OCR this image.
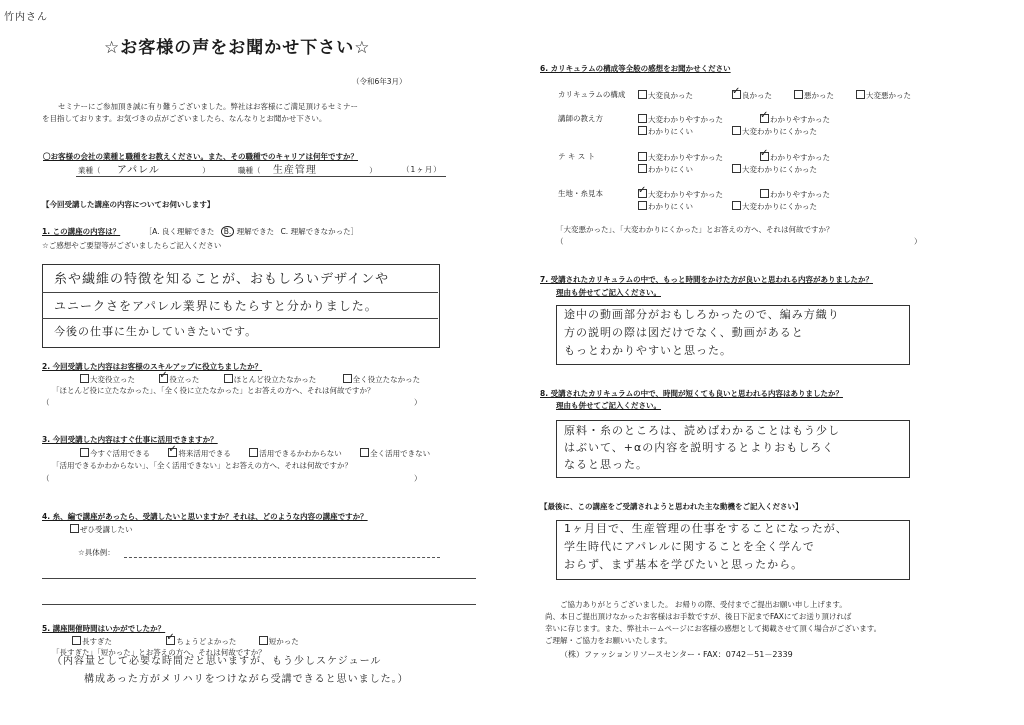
竹内さん
☆お客様の声をお聞かせ下さい☆
（令和6年3月）
セミナーにご参加頂き誠に有り難うございました。弊社はお客様にご満足頂けるセミナー
を目指しております。お気づきの点がございましたら、なんなりとお聞かせ下さい。
〇お客様の会社の業種と職種をお教えください。また、その職種でのキャリアは何年ですか？
業種（ アパレル	）	職種（ 生産管理	）	（1ヶ月）
【今回受講した講座の内容についてお伺いします】
1. この講座の内容は？	［A. 良く理解できた B. 理解できた C. 理解できなかった］
☆ご感想やご要望等がございましたらご記入ください
糸や繊維の特徴を知ることが、おもしろいデザインや
ユニークさをアパレル業界にもたらすと分かりました。
今後の仕事に生かしていきたいです。
2. 今回受講した内容はお客様のスキルアップに役立ちましたか？
大変役立った ✓	役立った	ほとんど役立たなかった	全く役立たなかった
「ほとんど役に立たなかった」、「全く役に立たなかった」とお答えの方へ、それは何故ですか？
（	）
3. 今回受講した内容はすぐ仕事に活用できますか？
今すぐ活用できる ✓	将来活用できる	活用できるかわからない	全く活用できない
「活用できるかわからない」、「全く活用できない」とお答えの方へ、それは何故ですか？
（	）
4. 糸、編で講座があったら、受講したいと思いますか？それは、どのような内容の講座ですか？
ぜひ受講したい
☆具体例：
5. 講座開催時間はいかがでしたか？
長すぎた ✓	ちょうどよかった	短かった
「長すぎた」「短かった」とお答えの方へ、それは何故ですか？
（内容量として必要な時間だと思いますが、もう少しスケジュール
構成あった方がメリハリをつけながら受講できると思いました。）
6. カリキュラムの構成等全般の感想をお聞かせください
カリキュラムの構成	大変良かった ✓	良かった	悪かった	大変悪かった
講師の教え方	大変わかりやすかった ✓	わかりやすかった
わかりにくい	大変わかりにくかった
テ キ ス ト	大変わかりやすかった ✓	わかりやすかった
わかりにくい	大変わかりにくかった
生地・糸見本 ✓	大変わかりやすかった	わかりやすかった
わかりにくい	大変わかりにくかった
「大変悪かった」、「大変わかりにくかった」とお答えの方へ、それは何故ですか？
（	）
7. 受講されたカリキュラムの中で、もっと時間をかけた方が良いと思われる内容がありましたか？
理由も併せてご記入ください。
途中の動画部分がおもしろかったので、編み方織り
方の説明の際は図だけでなく、動画があると
もっとわかりやすいと思った。
8. 受講されたカリキュラムの中で、時間が短くても良いと思われる内容はありましたか？
理由も併せてご記入ください。
原料・糸のところは、読めばわかることはもう少し
はぶいて、+αの内容を説明するとよりおもしろく
なると思った。
【最後に、この講座をご受講されようと思われた主な動機をご記入ください】
1ヶ月目で、生産管理の仕事をすることになったが、
学生時代にアパレルに関することを全く学んで
おらず、まず基本を学びたいと思ったから。
ご協力ありがとうございました。 お帰りの際、受付までご提出お願い申し上げます。
尚、本日ご提出頂けなかったお客様はお手数ですが、後日下記までFAXにてお送り頂ければ
幸いに存じます。また、弊社ホームページにお客様の感想として掲載させて頂く場合がございます。
ご理解・ご協力をお願いいたします。
（株）ファッションリソースセンター・FAX：0742－51－2339
